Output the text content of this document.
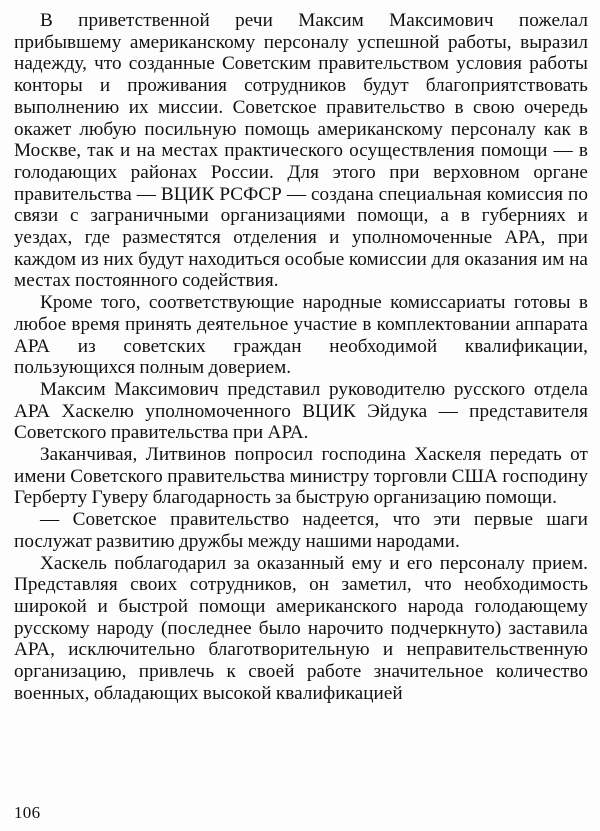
В приветственной речи Максим Максимович пожелал прибывшему американскому персоналу успешной работы, выразил надежду, что созданные Советским правительством условия работы конторы и проживания сотрудников будут благоприятствовать выполнению их миссии. Советское правительство в свою очередь окажет любую посильную помощь американскому персоналу как в Москве, так и на местах практического осуществления помощи — в голодающих районах России. Для этого при верховном органе правительства — ВЦИК РСФСР — создана специальная комиссия по связи с заграничными организациями помощи, а в губерниях и уездах, где разместятся отделения и уполномоченные АРА, при каждом из них будут находиться особые комиссии для оказания им на местах постоянного содействия.

Кроме того, соответствующие народные комиссариаты готовы в любое время принять деятельное участие в комплектовании аппарата АРА из советских граждан необходимой квалификации, пользующихся полным доверием.

Максим Максимович представил руководителю русского отдела АРА Хаскелю уполномоченного ВЦИК Эйдука — представителя Советского правительства при АРА.

Заканчивая, Литвинов попросил господина Хаскеля передать от имени Советского правительства министру торговли США господину Герберту Гуверу благодарность за быструю организацию помощи.

— Советское правительство надеется, что эти первые шаги послужат развитию дружбы между нашими народами.

Хаскель поблагодарил за оказанный ему и его персоналу прием. Представляя своих сотрудников, он заметил, что необходимость широкой и быстрой помощи американского народа голодающему русскому народу (последнее было нарочито подчеркнуто) заставила АРА, исключительно благотворительную и неправительственную организацию, привлечь к своей работе значительное количество военных, обладающих высокой квалификацией

106
